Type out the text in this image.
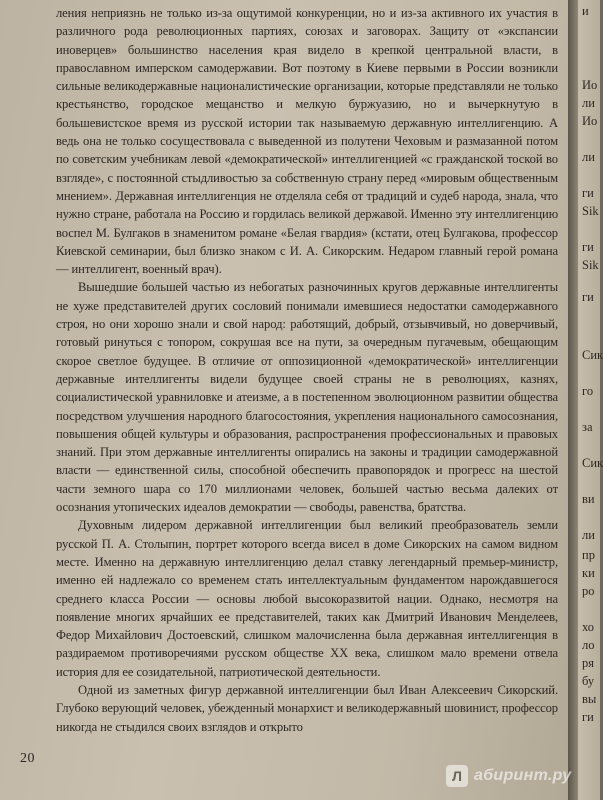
ления неприязнь не только из-за ощутимой конкуренции, но и из-за активного их участия в различного рода революционных партиях, союзах и заговорах. Защиту от «экспансии иноверцев» большинство населения края видело в крепкой центральной власти, в православном имперском самодержавии. Вот поэтому в Киеве первыми в России возникли сильные великодержавные националистические организации, которые представляли не только крестьянство, городское мещанство и мелкую буржуазию, но и вычеркнутую в большевистское время из русской истории так называемую державную интеллигенцию. А ведь она не только сосуществовала с выведенной из полутени Чеховым и размазанной потом по советским учебникам левой «демократической» интеллигенцией «с гражданской тоской во взгляде», с постоянной стыдливостью за собственную страну перед «мировым общественным мнением». Державная интеллигенция не отделяла себя от традиций и судеб народа, знала, что нужно стране, работала на Россию и гордилась великой державой. Именно эту интеллигенцию воспел М. Булгаков в знаменитом романе «Белая гвардия» (кстати, отец Булгакова, профессор Киевской семинарии, был близко знаком с И. А. Сикорским. Недаром главный герой романа — интеллигент, военный врач).

Вышедшие большей частью из небогатых разночинных кругов державные интеллигенты не хуже представителей других сословий понимали имевшиеся недостатки самодержавного строя, но они хорошо знали и свой народ: работящий, добрый, отзывчивый, но доверчивый, готовый ринуться с топором, сокрушая все на пути, за очередным пугачевым, обещающим скорое светлое будущее. В отличие от оппозиционной «демократической» интеллигенции державные интеллигенты видели будущее своей страны не в революциях, казнях, социалистической уравниловке и атеизме, а в постепенном эволюционном развитии общества посредством улучшения народного благосостояния, укрепления национального самосознания, повышения общей культуры и образования, распространения профессиональных и правовых знаний. При этом державные интеллигенты опирались на законы и традиции самодержавной власти — единственной силы, способной обеспечить правопорядок и прогресс на шестой части земного шара со 170 миллионами человек, большей частью весьма далеких от осознания утопических идеалов демократии — свободы, равенства, братства.

Духовным лидером державной интеллигенции был великий преобразователь земли русской П. А. Столыпин, портрет которого всегда висел в доме Сикорских на самом видном месте. Именно на державную интеллигенцию делал ставку легендарный премьер-министр, именно ей надлежало со временем стать интеллектуальным фундаментом нарождавшегося среднего класса России — основы любой высокоразвитой нации. Однако, несмотря на появление многих ярчайших ее представителей, таких как Дмитрий Иванович Менделеев, Федор Михайлович Достоевский, слишком малочисленна была державная интеллигенция в раздираемом противоречиями русском обществе XX века, слишком мало времени отвела история для ее созидательной, патриотической деятельности.

Одной из заметных фигур державной интеллигенции был Иван Алексеевич Сикорский. Глубоко верующий человек, убежденный монархист и великодержавный шовинист, профессор никогда не стыдился своих взглядов и открыто

20
и
Ио
ли
Ио
ли
ги
Sik
ги
Sik
ги
Сик
го
за
Сик
ви
ли
пр
ки
ро
хо
ло
ря
бу
вы
ги
Л абиринт.ру
